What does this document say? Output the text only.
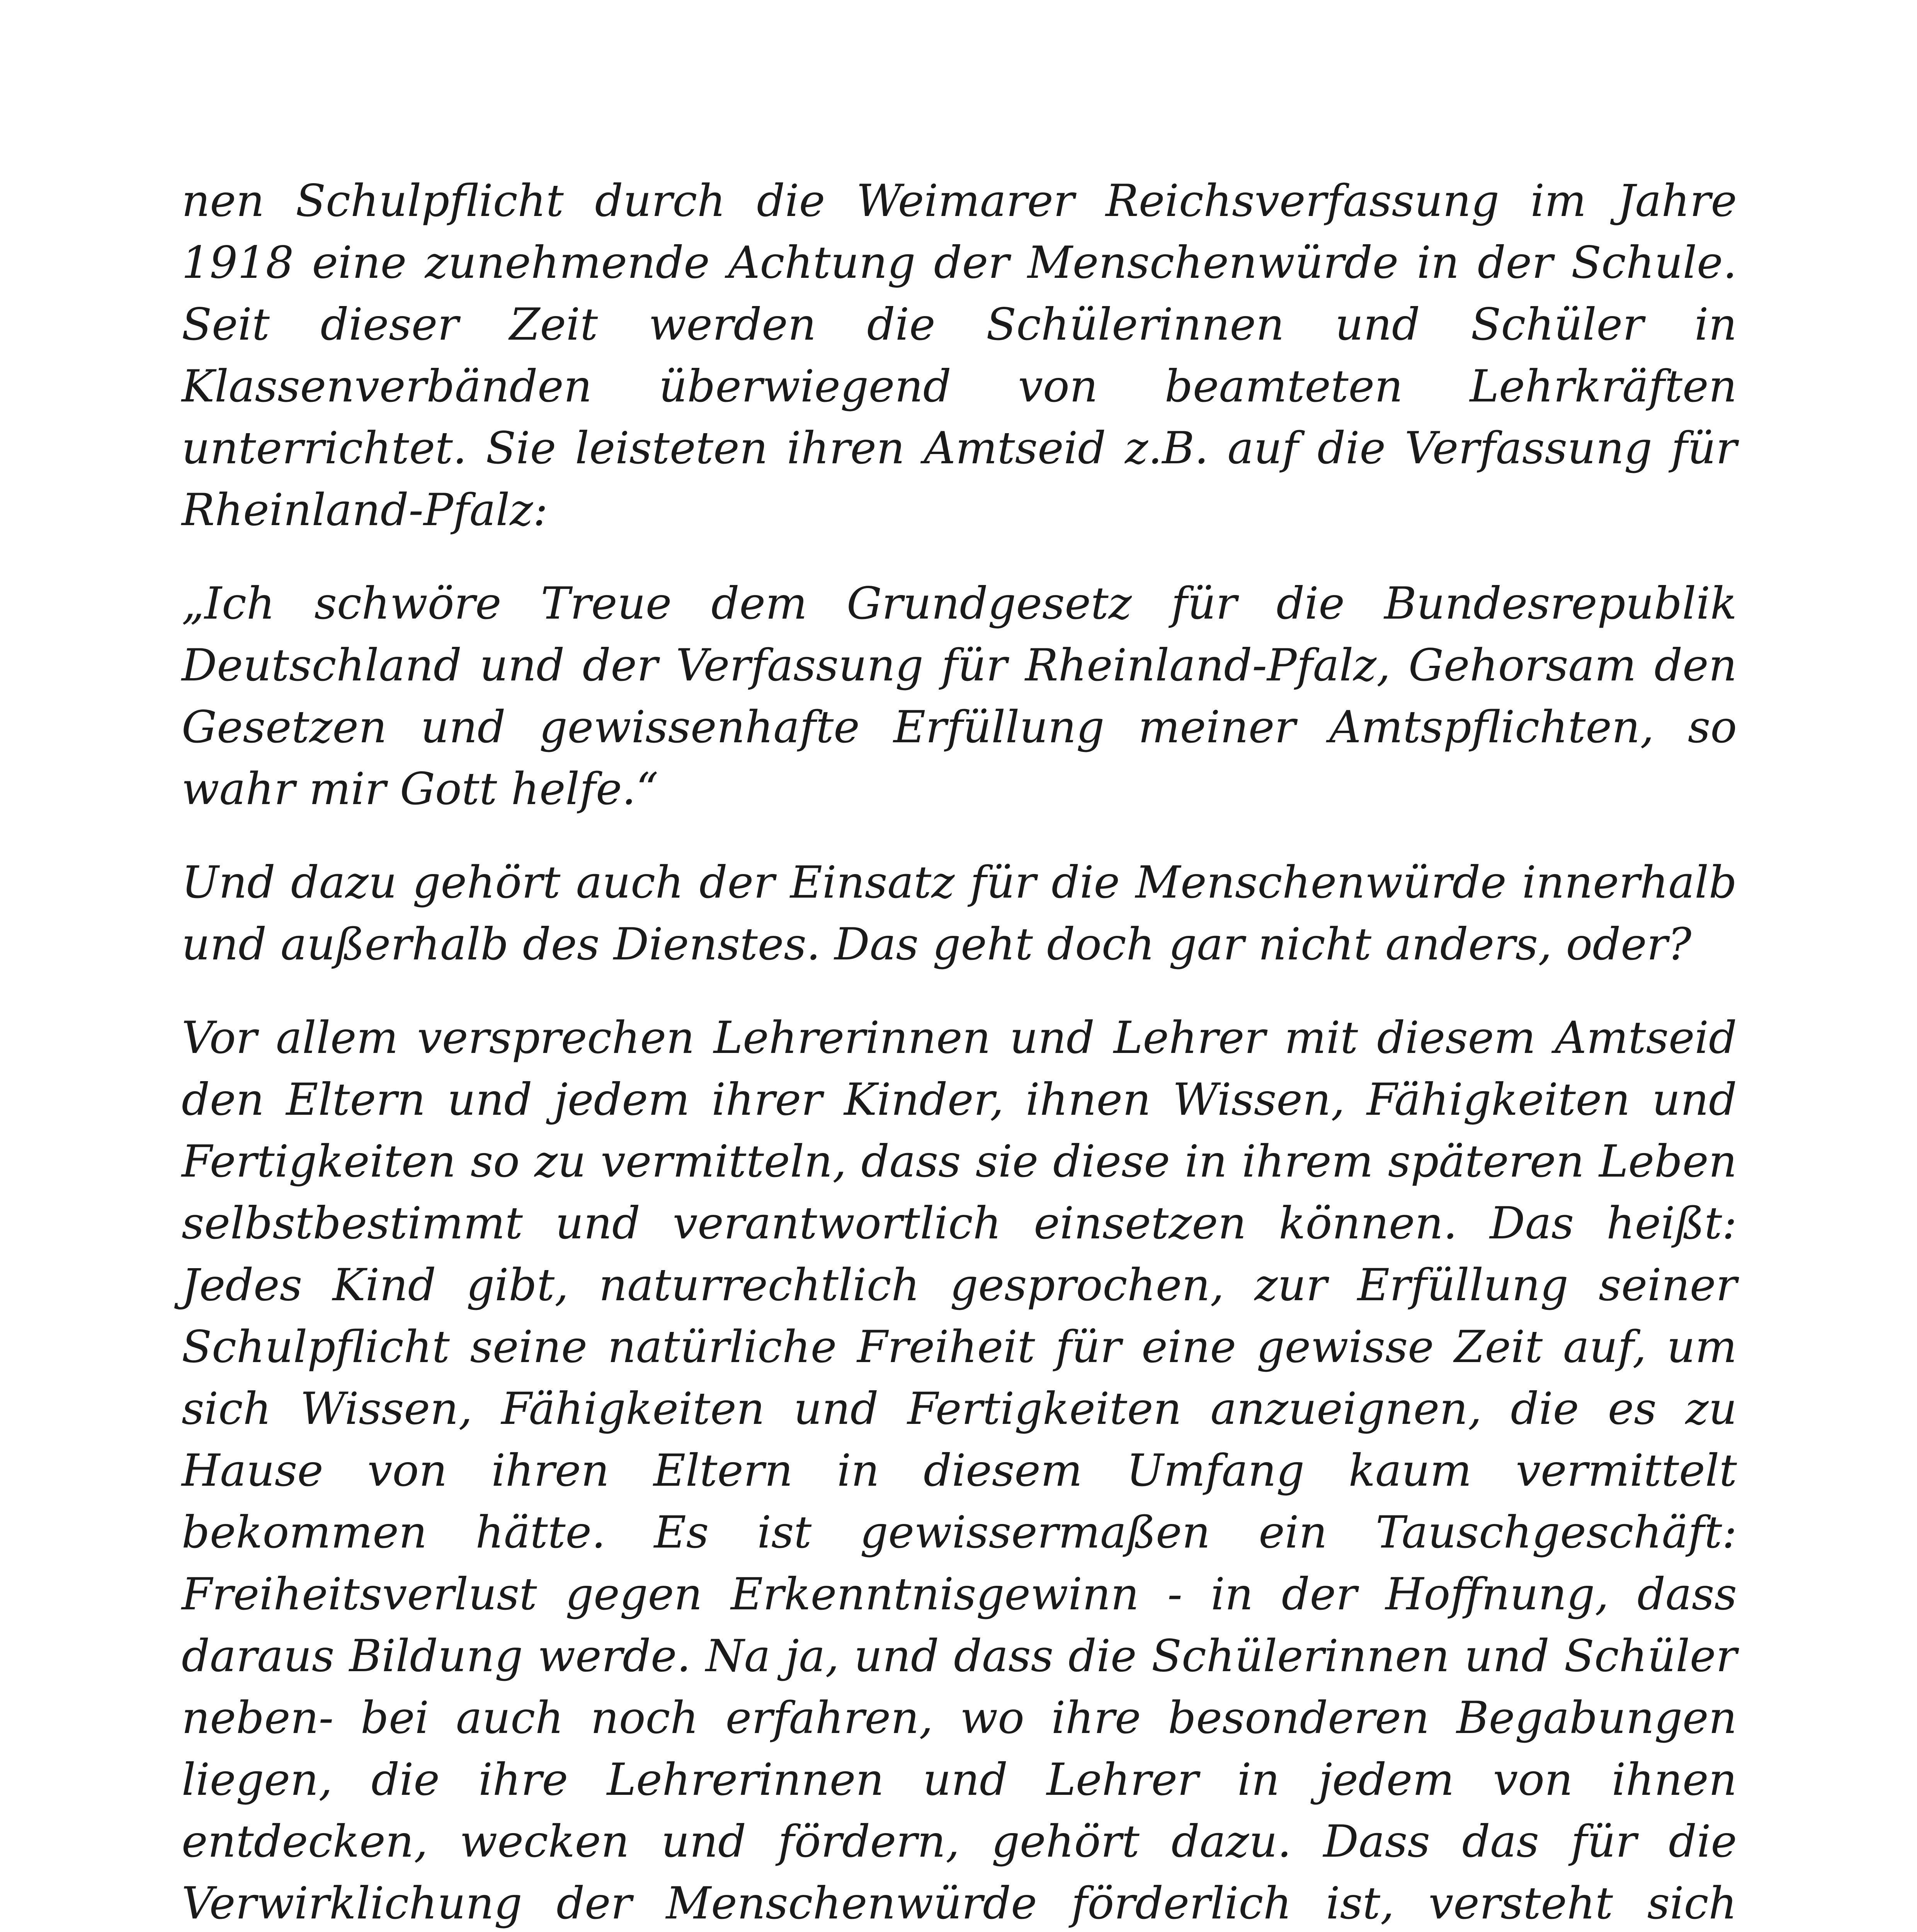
nen Schulpflicht durch die Weimarer Reichsverfassung im Jahre 1918 eine zunehmende Achtung der Menschenwürde in der Schule. Seit dieser Zeit werden die Schülerinnen und Schüler in Klassenverbänden überwiegend von beamteten Lehrkräften unterrichtet. Sie leisteten ihren Amtseid z.B. auf die Verfassung für Rheinland-Pfalz:

„Ich schwöre Treue dem Grundgesetz für die Bundesrepublik Deutschland und der Verfassung für Rheinland-Pfalz, Gehorsam den Gesetzen und gewissenhafte Erfüllung meiner Amtspflichten, so wahr mir Gott helfe.“

Und dazu gehört auch der Einsatz für die Menschenwürde innerhalb und außerhalb des Dienstes. Das geht doch gar nicht anders, oder?

Vor allem versprechen Lehrerinnen und Lehrer mit diesem Amtseid den Eltern und jedem ihrer Kinder, ihnen Wissen, Fähigkeiten und Fertigkeiten so zu vermitteln, dass sie diese in ihrem späteren Leben selbstbestimmt und verantwortlich einsetzen können. Das heißt: Jedes Kind gibt, naturrechtlich gesprochen, zur Erfüllung seiner Schulpflicht seine natürliche Freiheit für eine gewisse Zeit auf, um sich Wissen, Fähigkeiten und Fertigkeiten anzueignen, die es zu Hause von ihren Eltern in diesem Umfang kaum vermittelt bekommen hätte. Es ist gewissermaßen ein Tauschgeschäft: Freiheitsverlust gegen Erkenntnisgewinn - in der Hoffnung, dass daraus Bildung werde. Na ja, und dass die Schülerinnen und Schüler neben- bei auch noch erfahren, wo ihre besonderen Begabungen liegen, die ihre Lehrerinnen und Lehrer in jedem von ihnen entdecken, wecken und fördern, gehört dazu. Dass das für die Verwirklichung der Menschenwürde förderlich ist, versteht sich
